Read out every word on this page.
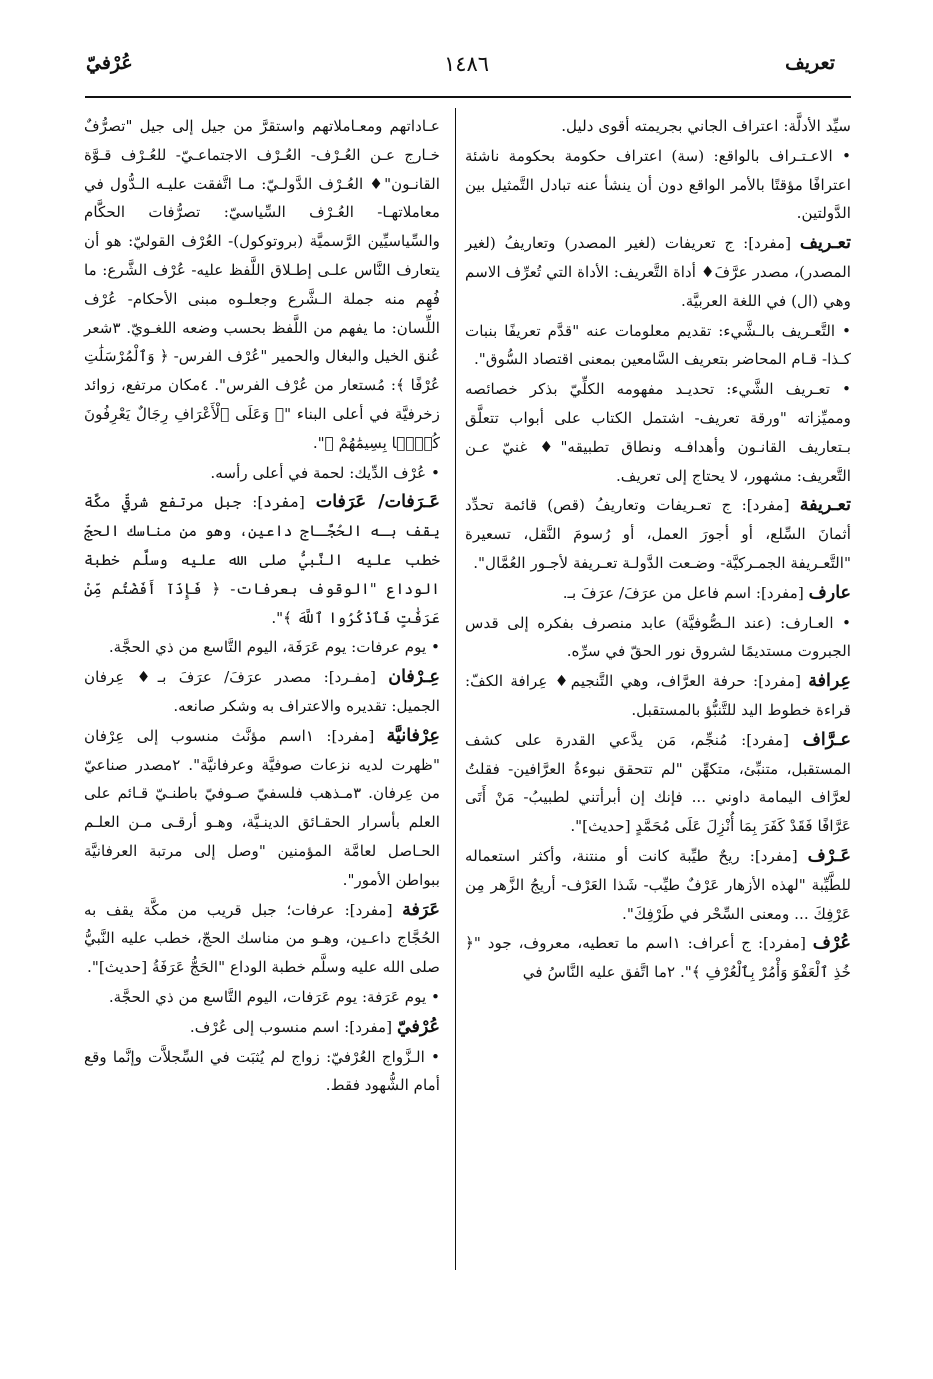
تعريف
١٤٨٦
عُرْفيّ

سيِّد الأدلَّة: اعتراف الجاني بجريمته أقوى دليل.

• الاعـتـراف بالواقع: (سة) اعتراف حكومة بحكومة ناشئة اعترافًا مؤقتًا بالأمر الواقع دون أن ينشأ عنه تبادل التَّمثيل بين الدَّولتين.

تعـريف [مفرد]: ج تعريفات (لغير المصدر) وتعاريفُ (لغير المصدر)، مصدر عرَّفَ♦ أداة التَّعريف: الأداة التي تُعرِّف الاسم وهي (ال) في اللغة العربيَّة.

• التَّعـريف بالـشَّيء: تقديم معلومات عنه "قدَّم تعريفًا بنبات كـذا- قـام المحاضر بتعريف السَّامعين بمعنى اقتصاد السُّوق".

• تعـريف الشَّيء: تحديـد مفهومه الكلِّيّ بذكر خصائصه ومميِّزاته "ورقة تعريف- اشتمل الكتاب على أبواب تتعلَّق بـتعاريف القانـون وأهدافـه ونطاق تطبيقه"♦ غنيّ عـن التَّعريف: مشهور، لا يحتاج إلى تعريف.

تعـريفة [مفرد]: ج تعـريفات وتعاريفُ (قص) قائمة تحدِّد أثمانَ السِّلع، أو أجورَ العمل، أو رُسومَ النَّقل، تسعيرة "التَّعـريفة الجمـركيَّة- وضـعت الدَّولـة تعـريفة لأجـور العُمَّال".

عارف [مفرد]: اسم فاعل من عرَفَ/ عرَفَ بـ.

• العـارف: (عند الـصُّوفيَّة) عابد منصرف بفكره إلى قدس الجبروت مستديمًا لشروق نور الحقّ في سرِّه.

عِرافة [مفرد]: حرفة العرَّاف، وهي التَّنجيم♦ عِرافة الكفّ: قراءة خطوط اليد للتَّنبُّؤ بالمستقبل.

عـرَّاف [مفرد]: مُنجِّم، مَن يدَّعي القدرة على كشف المستقبل، متنبِّئ، متكهِّن "لم تتحقق نبوءةُ العرَّافين- فقلتُ لعرَّاف اليمامة داوني ... فإنك إن أبرأتني لطبيبُ- مَنْ أَتَى عَرَّافًا فَقَدْ كَفَرَ بِمَا أُنْزِلَ عَلَى مُحَمَّدٍ [حديث]".

عَـرْف [مفرد]: ريحٌ طيِّبة كانت أو منتنة، وأكثر استعماله للطَّيِّبة "لهذه الأزهار عَرْفٌ طيِّب- شَذا العَرْف- أريجُ الزَّهر مِن عَرْفِكَ ... ومعنى السِّحْر في طَرْفِكَ".

عُرْف [مفرد]: ج أعراف: ١اسم ما تعطيه، معروف، جود "﴿ خُذِ ٱلْعَفْوَ وَأْمُرْ بِٱلْعُرْفِ ﴾". ٢ما اتَّفق عليه النَّاسُ في

عـاداتهم ومعـاملاتهم واستقرَّ من جيل إلى جيل "تصرُّفٌ خـارج عـن العُـرْف- العُـرْف الاجتماعـيّ- للعُـرْف قـوَّة القانـون"♦ العُـرْف الدَّولـيّ: مـا اتَّفقت عليـه الـدُّول في معاملاتهـا- العُـرْف السِّياسيّ: تصرُّفات الحكَّام والسِّياسيِّين الرَّسميَّة (بروتوكول)- العُرْف القوليّ: هو أن يتعارف النَّاس علـى إطـلاق اللَّفظ عليه- عُرْف الشَّرع: ما فُهِم منه جملة الـشَّرع وجعلـوه مبنى الأحكام- عُرْف اللِّسان: ما يفهم من اللَّفظ بحسب وضعه اللغـويّ. ٣شعر عُنق الخيل والبغال والحمير "عُرْف الفرس- ﴿ وَٱلْمُرْسَلَٰتِ عُرْفًا ﴾: مُستعار من عُرْف الفرس". ٤مكان مرتفع، زوائد زخرفيَّة في أعلى البناء "﴿ وَعَلَى ٱلْأَعْرَافِ رِجَالٌ يَعْرِفُونَ كُلًّۢا بِسِيمَٰهُمْ ﴾".

• عُرْف الدِّيك: لحمة في أعلى رأسه.

عَـرَفات/ عَرَفات [مفرد]: جبل مرتفع شرقيّ مكَّة يقف بـه الحُجَّـاج داعين، وهو من مناسك الحجّ خطب عليه النَّبيُّ صلى الله عليه وسلَّم خطبة الوداع "الوقوف بعرفات- ﴿ فَإِذَآ أَفَضْتُم مِّنْ عَرَفَٰتٍ فَٱذْكُرُوا ٱللَّهَ ﴾".

• يوم عرفات: يوم عَرَفَة، اليوم التَّاسع من ذي الحجَّة.

عِـرْفان [مفـرد]: مصدر عرَفَ/ عرَفَ بـ♦ عِرفان الجميل: تقديره والاعتراف به وشكر صانعه.

عِرْفانيَّة [مفرد]: ١اسم مؤنَّث منسوب إلى عِرْفان "ظهرت لديه نزعات صوفيَّة وعرفانيَّة". ٢مصدر صناعيّ من عِرفان. ٣مـذهب فلسفيّ صـوفيّ باطنـيّ قـائم على العلم بأسرار الحقـائق الدينـيَّة، وهـو أرقـى مـن العلـم الحـاصل لعامَّة المؤمنين "وصل إلى مرتبة العرفانيَّة ببواطن الأمور".

عَرَفة [مفرد]: عرفات؛ جبل قريب من مكَّة يقف به الحُجَّاج داعـين، وهـو من مناسك الحجّ، خطب عليه النَّبيُّ صلى الله عليه وسلَّم خطبة الوداع "الحَجُّ عَرَفَةُ [حديث]".

• يوم عَرَفة: يوم عَرَفات، اليوم التَّاسع من ذي الحجَّة.

عُرْفيّ [مفرد]: اسم منسوب إلى عُرْف.

• الـزَّواج العُرْفيّ: زواج لم يُثبَت في السِّجلاَّت وإنَّما وقع أمام الشُّهود فقط.
